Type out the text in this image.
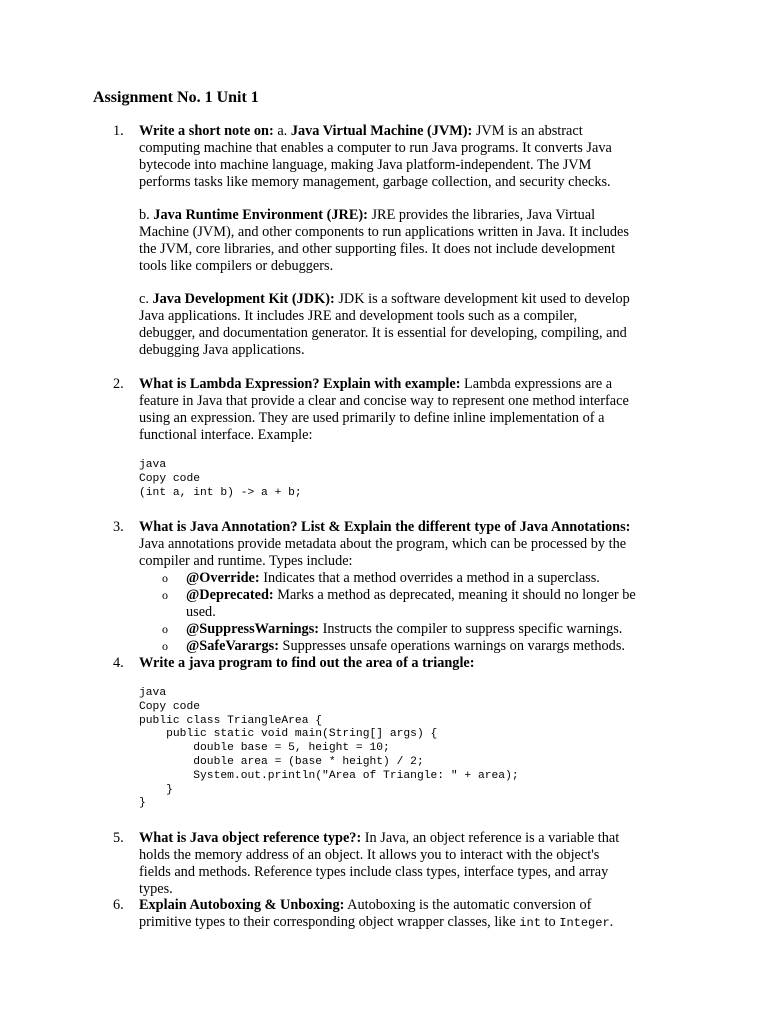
Assignment No. 1 Unit 1
1. Write a short note on: a. Java Virtual Machine (JVM): JVM is an abstract
computing machine that enables a computer to run Java programs. It converts Java
bytecode into machine language, making Java platform-independent. The JVM
performs tasks like memory management, garbage collection, and security checks.
b. Java Runtime Environment (JRE): JRE provides the libraries, Java Virtual
Machine (JVM), and other components to run applications written in Java. It includes
the JVM, core libraries, and other supporting files. It does not include development
tools like compilers or debuggers.
c. Java Development Kit (JDK): JDK is a software development kit used to develop
Java applications. It includes JRE and development tools such as a compiler,
debugger, and documentation generator. It is essential for developing, compiling, and
debugging Java applications.
2. What is Lambda Expression? Explain with example: Lambda expressions are a
feature in Java that provide a clear and concise way to represent one method interface
using an expression. They are used primarily to define inline implementation of a
functional interface. Example:
java
Copy code
(int a, int b) -> a + b;
3. What is Java Annotation? List & Explain the different type of Java Annotations:
Java annotations provide metadata about the program, which can be processed by the
compiler and runtime. Types include:
o @Override: Indicates that a method overrides a method in a superclass.
o @Deprecated: Marks a method as deprecated, meaning it should no longer be
used.
o @SuppressWarnings: Instructs the compiler to suppress specific warnings.
o @SafeVarargs: Suppresses unsafe operations warnings on varargs methods.
4. Write a java program to find out the area of a triangle:
java
Copy code
public class TriangleArea {
public static void main(String[] args) {
double base = 5, height = 10;
double area = (base * height) / 2;
System.out.println("Area of Triangle: " + area);
}
}
5. What is Java object reference type?: In Java, an object reference is a variable that
holds the memory address of an object. It allows you to interact with the object's
fields and methods. Reference types include class types, interface types, and array
types.
6. Explain Autoboxing & Unboxing: Autoboxing is the automatic conversion of
primitive types to their corresponding object wrapper classes, like int to Integer.
